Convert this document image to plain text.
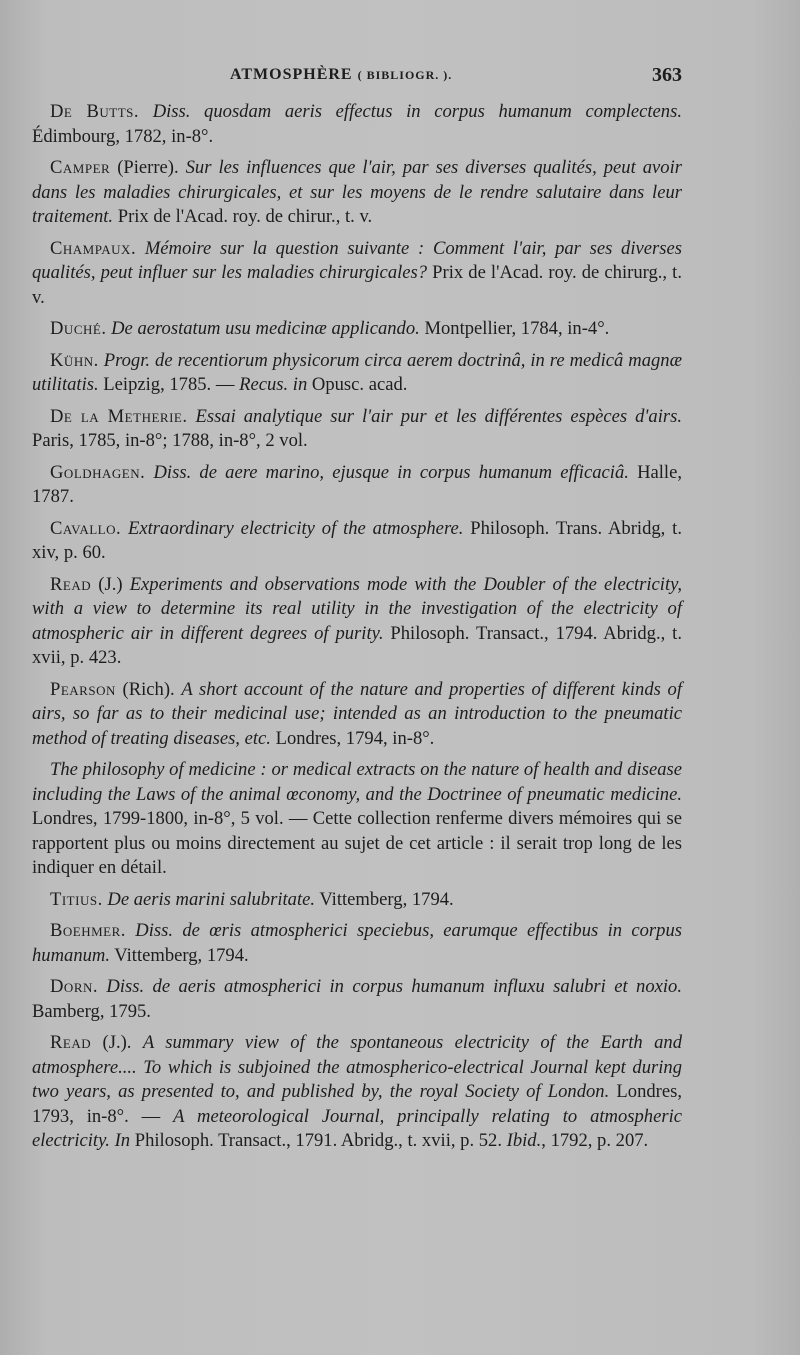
ATMOSPHÈRE ( BIBLIOGR. ).	363

De Butts. Diss. quosdam aeris effectus in corpus humanum complectens. Édimbourg, 1782, in-8°.

Camper (Pierre). Sur les influences que l'air, par ses diverses qualités, peut avoir dans les maladies chirurgicales, et sur les moyens de le rendre salutaire dans leur traitement. Prix de l'Acad. roy. de chirur., t. v.

Champaux. Mémoire sur la question suivante : Comment l'air, par ses diverses qualités, peut influer sur les maladies chirurgicales? Prix de l'Acad. roy. de chirurg., t. v.

Duché. De aerostatum usu medicinæ applicando. Montpellier, 1784, in-4°.

Kühn. Progr. de recentiorum physicorum circa aerem doctrinâ, in re medicâ magnæ utilitatis. Leipzig, 1785. — Recus. in Opusc. acad.

De la Metherie. Essai analytique sur l'air pur et les différentes espèces d'airs. Paris, 1785, in-8°; 1788, in-8°, 2 vol.

Goldhagen. Diss. de aere marino, ejusque in corpus humanum efficaciâ. Halle, 1787.

Cavallo. Extraordinary electricity of the atmosphere. Philosoph. Trans. Abridg, t. xiv, p. 60.

Read (J.) Experiments and observations mode with the Doubler of the electricity, with a view to determine its real utility in the investigation of the electricity of atmospheric air in different degrees of purity. Philosoph. Transact., 1794. Abridg., t. xvii, p. 423.

Pearson (Rich). A short account of the nature and properties of different kinds of airs, so far as to their medicinal use; intended as an introduction to the pneumatic method of treating diseases, etc. Londres, 1794, in-8°.

The philosophy of medicine : or medical extracts on the nature of health and disease including the Laws of the animal œconomy, and the Doctrinee of pneumatic medicine. Londres, 1799-1800, in-8°, 5 vol. — Cette collection renferme divers mémoires qui se rapportent plus ou moins directement au sujet de cet article : il serait trop long de les indiquer en détail.

Titius. De aeris marini salubritate. Vittemberg, 1794.

Boehmer. Diss. de œris atmospherici speciebus, earumque effectibus in corpus humanum. Vittemberg, 1794.

Dorn. Diss. de aeris atmospherici in corpus humanum influxu salubri et noxio. Bamberg, 1795.

Read (J.). A summary view of the spontaneous electricity of the Earth and atmosphere.... To which is subjoined the atmospherico-electrical Journal kept during two years, as presented to, and published by, the royal Society of London. Londres, 1793, in-8°. — A meteorological Journal, principally relating to atmospheric electricity. In Philosoph. Transact., 1791. Abridg., t. xvii, p. 52. Ibid., 1792, p. 207.
